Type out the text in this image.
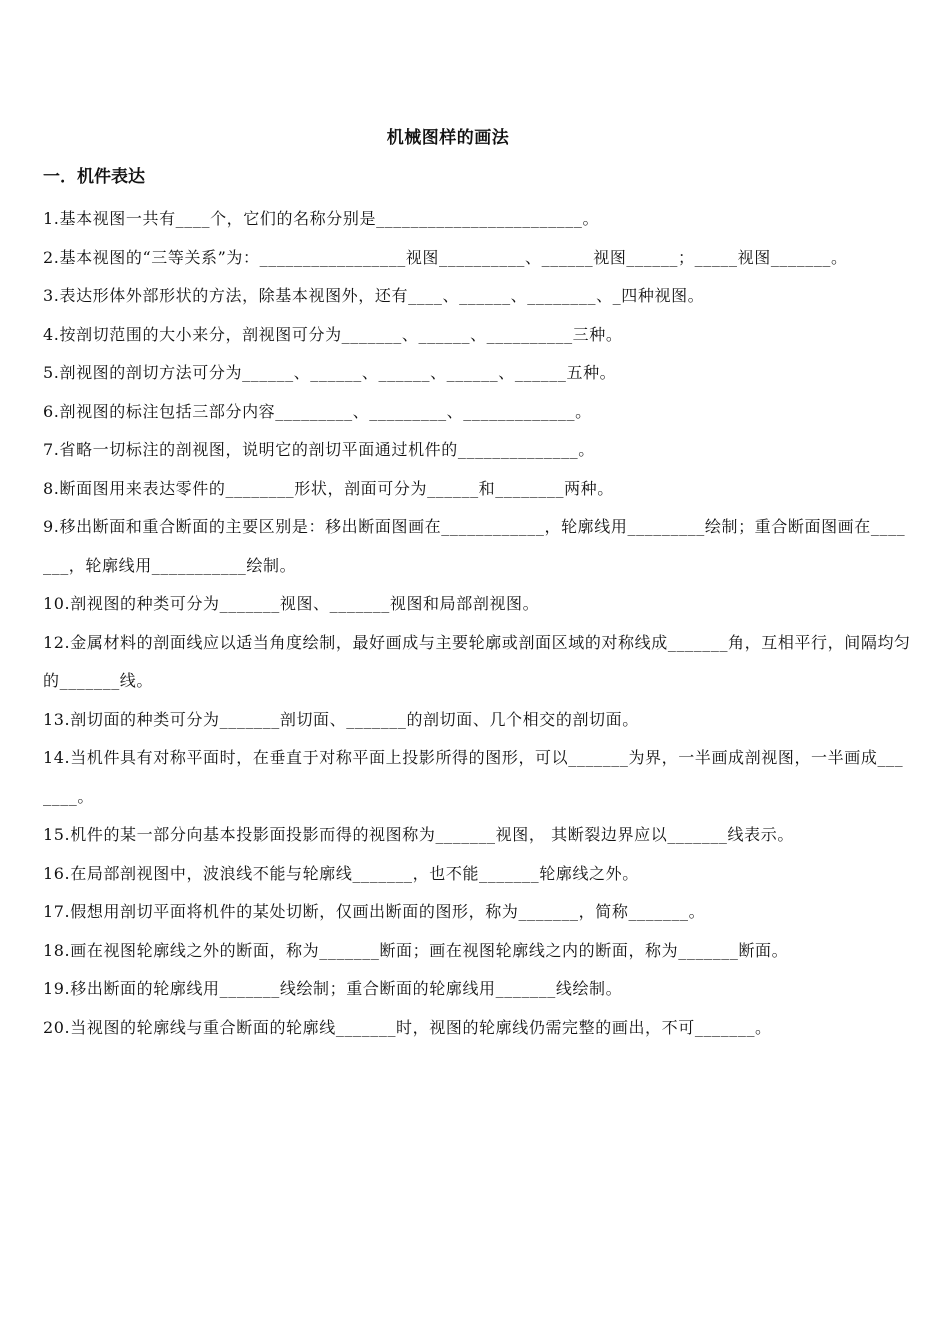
机械图样的画法
一．机件表达

1.基本视图一共有____个，它们的名称分别是________________________。

2.基本视图的“三等关系”为：_________________视图__________、______视图______；_____视图_______。

3.表达形体外部形状的方法，除基本视图外，还有____、______、________、_四种视图。

4.按剖切范围的大小来分，剖视图可分为_______、______、__________三种。

5.剖视图的剖切方法可分为______、______、______、______、______五种。

6.剖视图的标注包括三部分内容_________、_________、_____________。

7.省略一切标注的剖视图，说明它的剖切平面通过机件的______________。

8.断面图用来表达零件的________形状，剖面可分为______和________两种。

9.移出断面和重合断面的主要区别是：移出断面图画在____________，轮廓线用_________绘制；重合断面图画在_______，轮廓线用___________绘制。

10.剖视图的种类可分为_______视图、_______视图和局部剖视图。

12.金属材料的剖面线应以适当角度绘制，最好画成与主要轮廓或剖面区域的对称线成_______角，互相平行，间隔均匀的_______线。

13.剖切面的种类可分为_______剖切面、_______的剖切面、几个相交的剖切面。

14.当机件具有对称平面时，在垂直于对称平面上投影所得的图形，可以_______为界，一半画成剖视图，一半画成_______。

15.机件的某一部分向基本投影面投影而得的视图称为_______视图， 其断裂边界应以_______线表示。

16.在局部剖视图中，波浪线不能与轮廓线_______，也不能_______轮廓线之外。

17.假想用剖切平面将机件的某处切断，仅画出断面的图形，称为_______，简称_______。

18.画在视图轮廓线之外的断面，称为_______断面；画在视图轮廓线之内的断面，称为_______断面。

19.移出断面的轮廓线用_______线绘制；重合断面的轮廓线用_______线绘制。

20.当视图的轮廓线与重合断面的轮廓线_______时，视图的轮廓线仍需完整的画出，不可_______。
